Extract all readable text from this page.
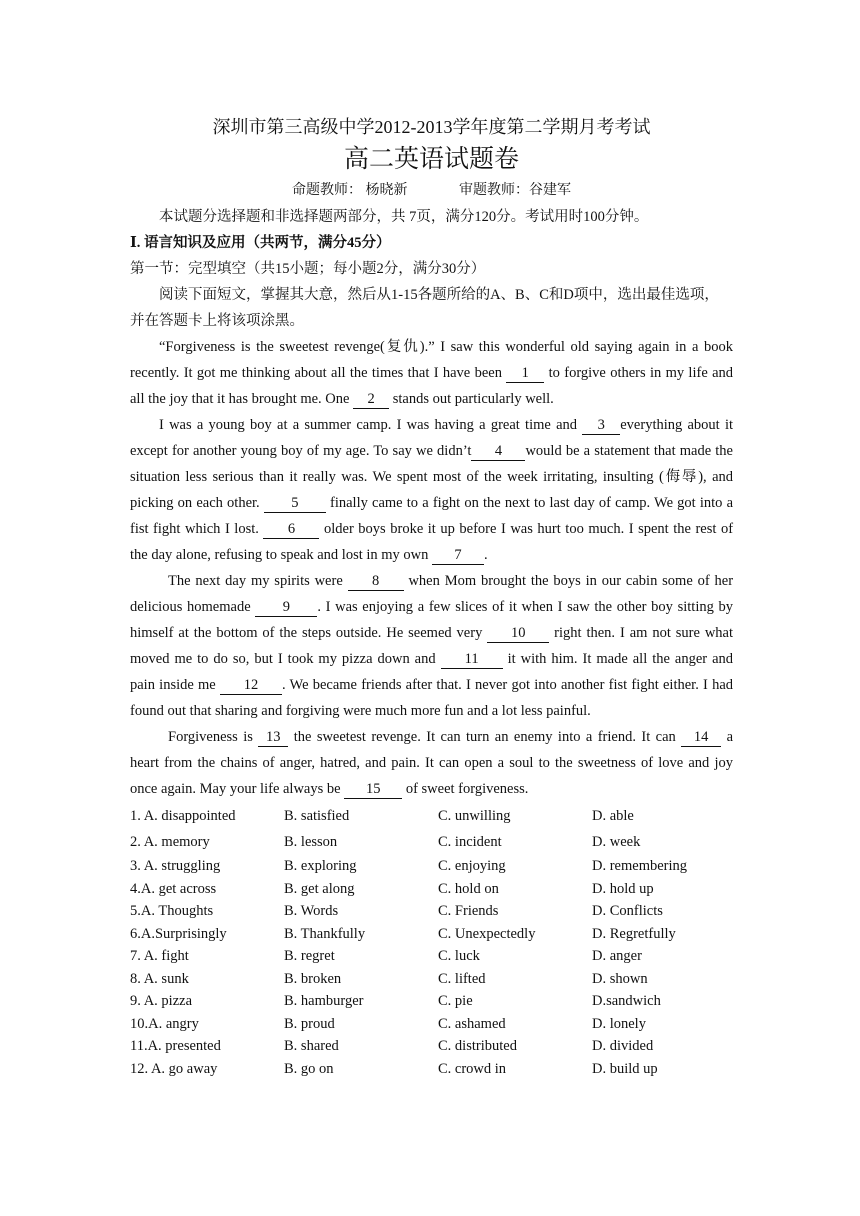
深圳市第三高级中学2012-2013学年度第二学期月考考试
高二英语试题卷
命题教师： 杨晓新	审题教师：谷建军
本试题分选择题和非选择题两部分，共 7页，满分120分。考试用时100分钟。
Ⅰ. 语言知识及应用（共两节，满分45分）
第一节：完型填空（共15小题；每小题2分，满分30分）
阅读下面短文，掌握其大意，然后从1-15各题所给的A、B、C和D项中，选出最佳选项，并在答题卡上将该项涂黑。
“Forgiveness is the sweetest revenge(复仇).” I saw this wonderful old saying again in a book recently. It got me thinking about all the times that I have been 1 to forgive others in my life and all the joy that it has brought me. One 2 stands out particularly well.
I was a young boy at a summer camp. I was having a great time and 3 everything about it except for another young boy of my age. To say we didn’t 4 would be a statement that made the situation less serious than it really was. We spent most of the week irritating, insulting (侮辱), and picking on each other. 5 finally came to a fight on the next to last day of camp. We got into a fist fight which I lost. 6 older boys broke it up before I was hurt too much. I spent the rest of the day alone, refusing to speak and lost in my own 7 .
The next day my spirits were 8 when Mom brought the boys in our cabin some of her delicious homemade 9 . I was enjoying a few slices of it when I saw the other boy sitting by himself at the bottom of the steps outside. He seemed very 10 right then. I am not sure what moved me to do so, but I took my pizza down and 11 it with him. It made all the anger and pain inside me 12 . We became friends after that. I never got into another fist fight either. I had found out that sharing and forgiving were much more fun and a lot less painful.
Forgiveness is 13 the sweetest revenge. It can turn an enemy into a friend. It can 14 a heart from the chains of anger, hatred, and pain. It can open a soul to the sweetness of love and joy once again. May your life always be 15 of sweet forgiveness.
1. A. disappointed	B. satisfied	C. unwilling	D. able
2. A. memory	B. lesson	C. incident	D. week
3. A. struggling	B. exploring	C. enjoying	D. remembering
4.A. get across	B. get along	C. hold on	D. hold up
5.A. Thoughts	B. Words	C. Friends	D. Conflicts
6.A.Surprisingly	B. Thankfully	C. Unexpectedly	D. Regretfully
7. A. fight	B. regret	C. luck	D. anger
8. A. sunk	B. broken	C. lifted	D. shown
9. A. pizza	B. hamburger	C. pie	D.sandwich
10.A. angry	B. proud	C. ashamed	D. lonely
11.A. presented	B. shared	C. distributed	D. divided
12. A. go away	B. go on	C. crowd in	D. build up
